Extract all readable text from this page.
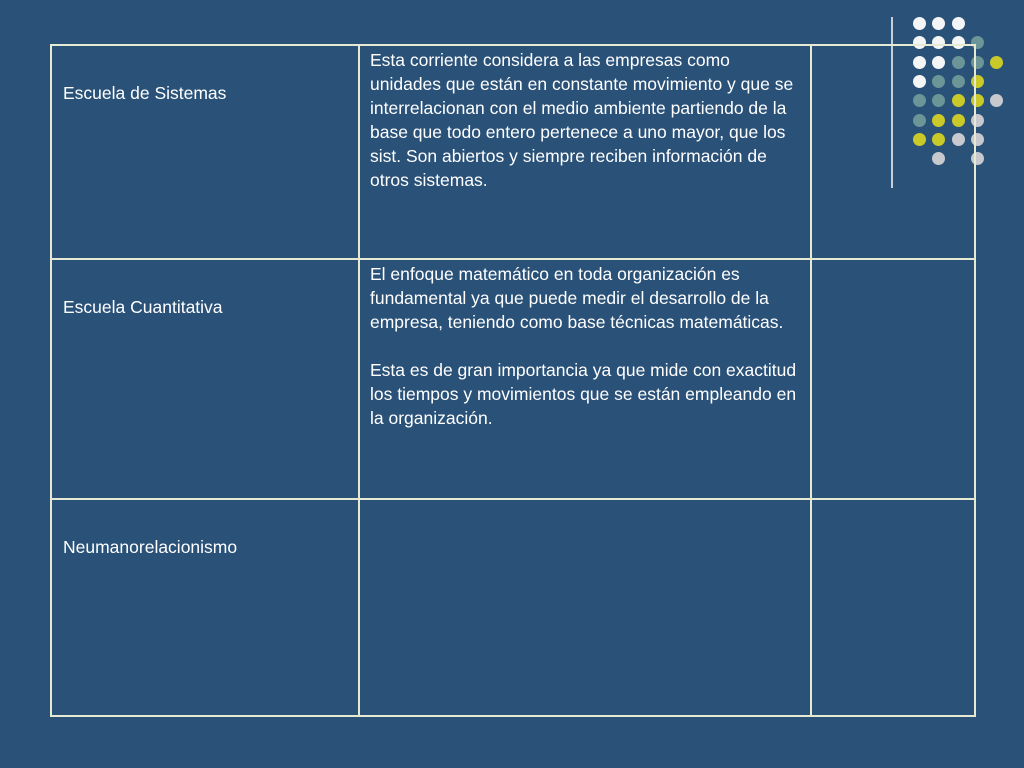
Escuela de Sistemas	Esta corriente considera a las empresas como unidades que están en constante movimiento y que se interrelacionan con el medio ambiente partiendo de la base que todo entero pertenece a uno mayor, que los sist. Son abiertos y siempre reciben información de otros sistemas.	

Escuela Cuantitativa	El enfoque matemático en toda organización es fundamental ya que puede medir el desarrollo de la empresa, teniendo como base técnicas matemáticas.

Esta es de gran importancia ya que mide con exactitud los tiempos y movimientos que se están empleando en la organización.	

Neumanorelacionismo		
